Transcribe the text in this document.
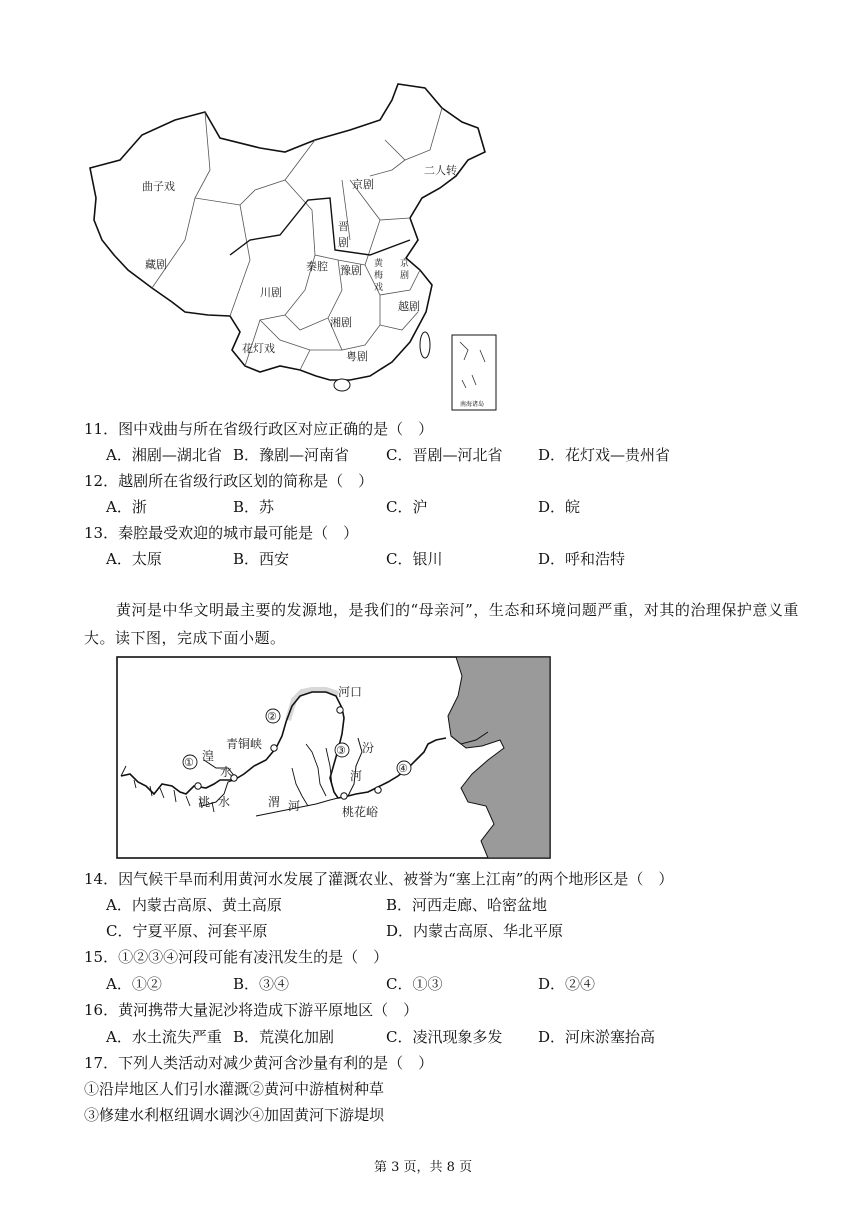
南海诸岛
曲子戏	京剧
二人转
晋
剧
秦腔 豫剧 黄
梅
戏
京
剧
越剧
藏剧
川剧
湘剧
花灯戏
粤剧
11．图中戏曲与所在省级行政区对应正确的是（　）
A．湘剧—湖北省 B．豫剧—河南省 C．晋剧—河北省 D．花灯戏—贵州省
12．越剧所在省级行政区划的简称是（　）
A．浙	B．苏	C．沪	D．皖
13．秦腔最受欢迎的城市最可能是（　）
A．太原	B．西安	C．银川	D．呼和浩特
黄河是中华文明最主要的发源地，是我们的“母亲河”，生态和环境问题严重，对其的治理保护意义重
大。读下图，完成下面小题。
①
②
③
④
河口
青铜峡
湟
水
洮 水
汾
河
渭 河	桃花峪
14．因气候干旱而利用黄河水发展了灌溉农业、被誉为“塞上江南”的两个地形区是（　）
A．内蒙古高原、黄土高原	B．河西走廊、哈密盆地
C．宁夏平原、河套平原	D．内蒙古高原、华北平原
15．①②③④河段可能有凌汛发生的是（　）
A．①②	B．③④	C．①③	D．②④
16．黄河携带大量泥沙将造成下游平原地区（　）
A．水土流失严重 B．荒漠化加剧	C．凌汛现象多发 D．河床淤塞抬高
17．下列人类活动对减少黄河含沙量有利的是（　）
①沿岸地区人们引水灌溉②黄河中游植树种草
③修建水利枢纽调水调沙④加固黄河下游堤坝
第 3 页，共 8 页
